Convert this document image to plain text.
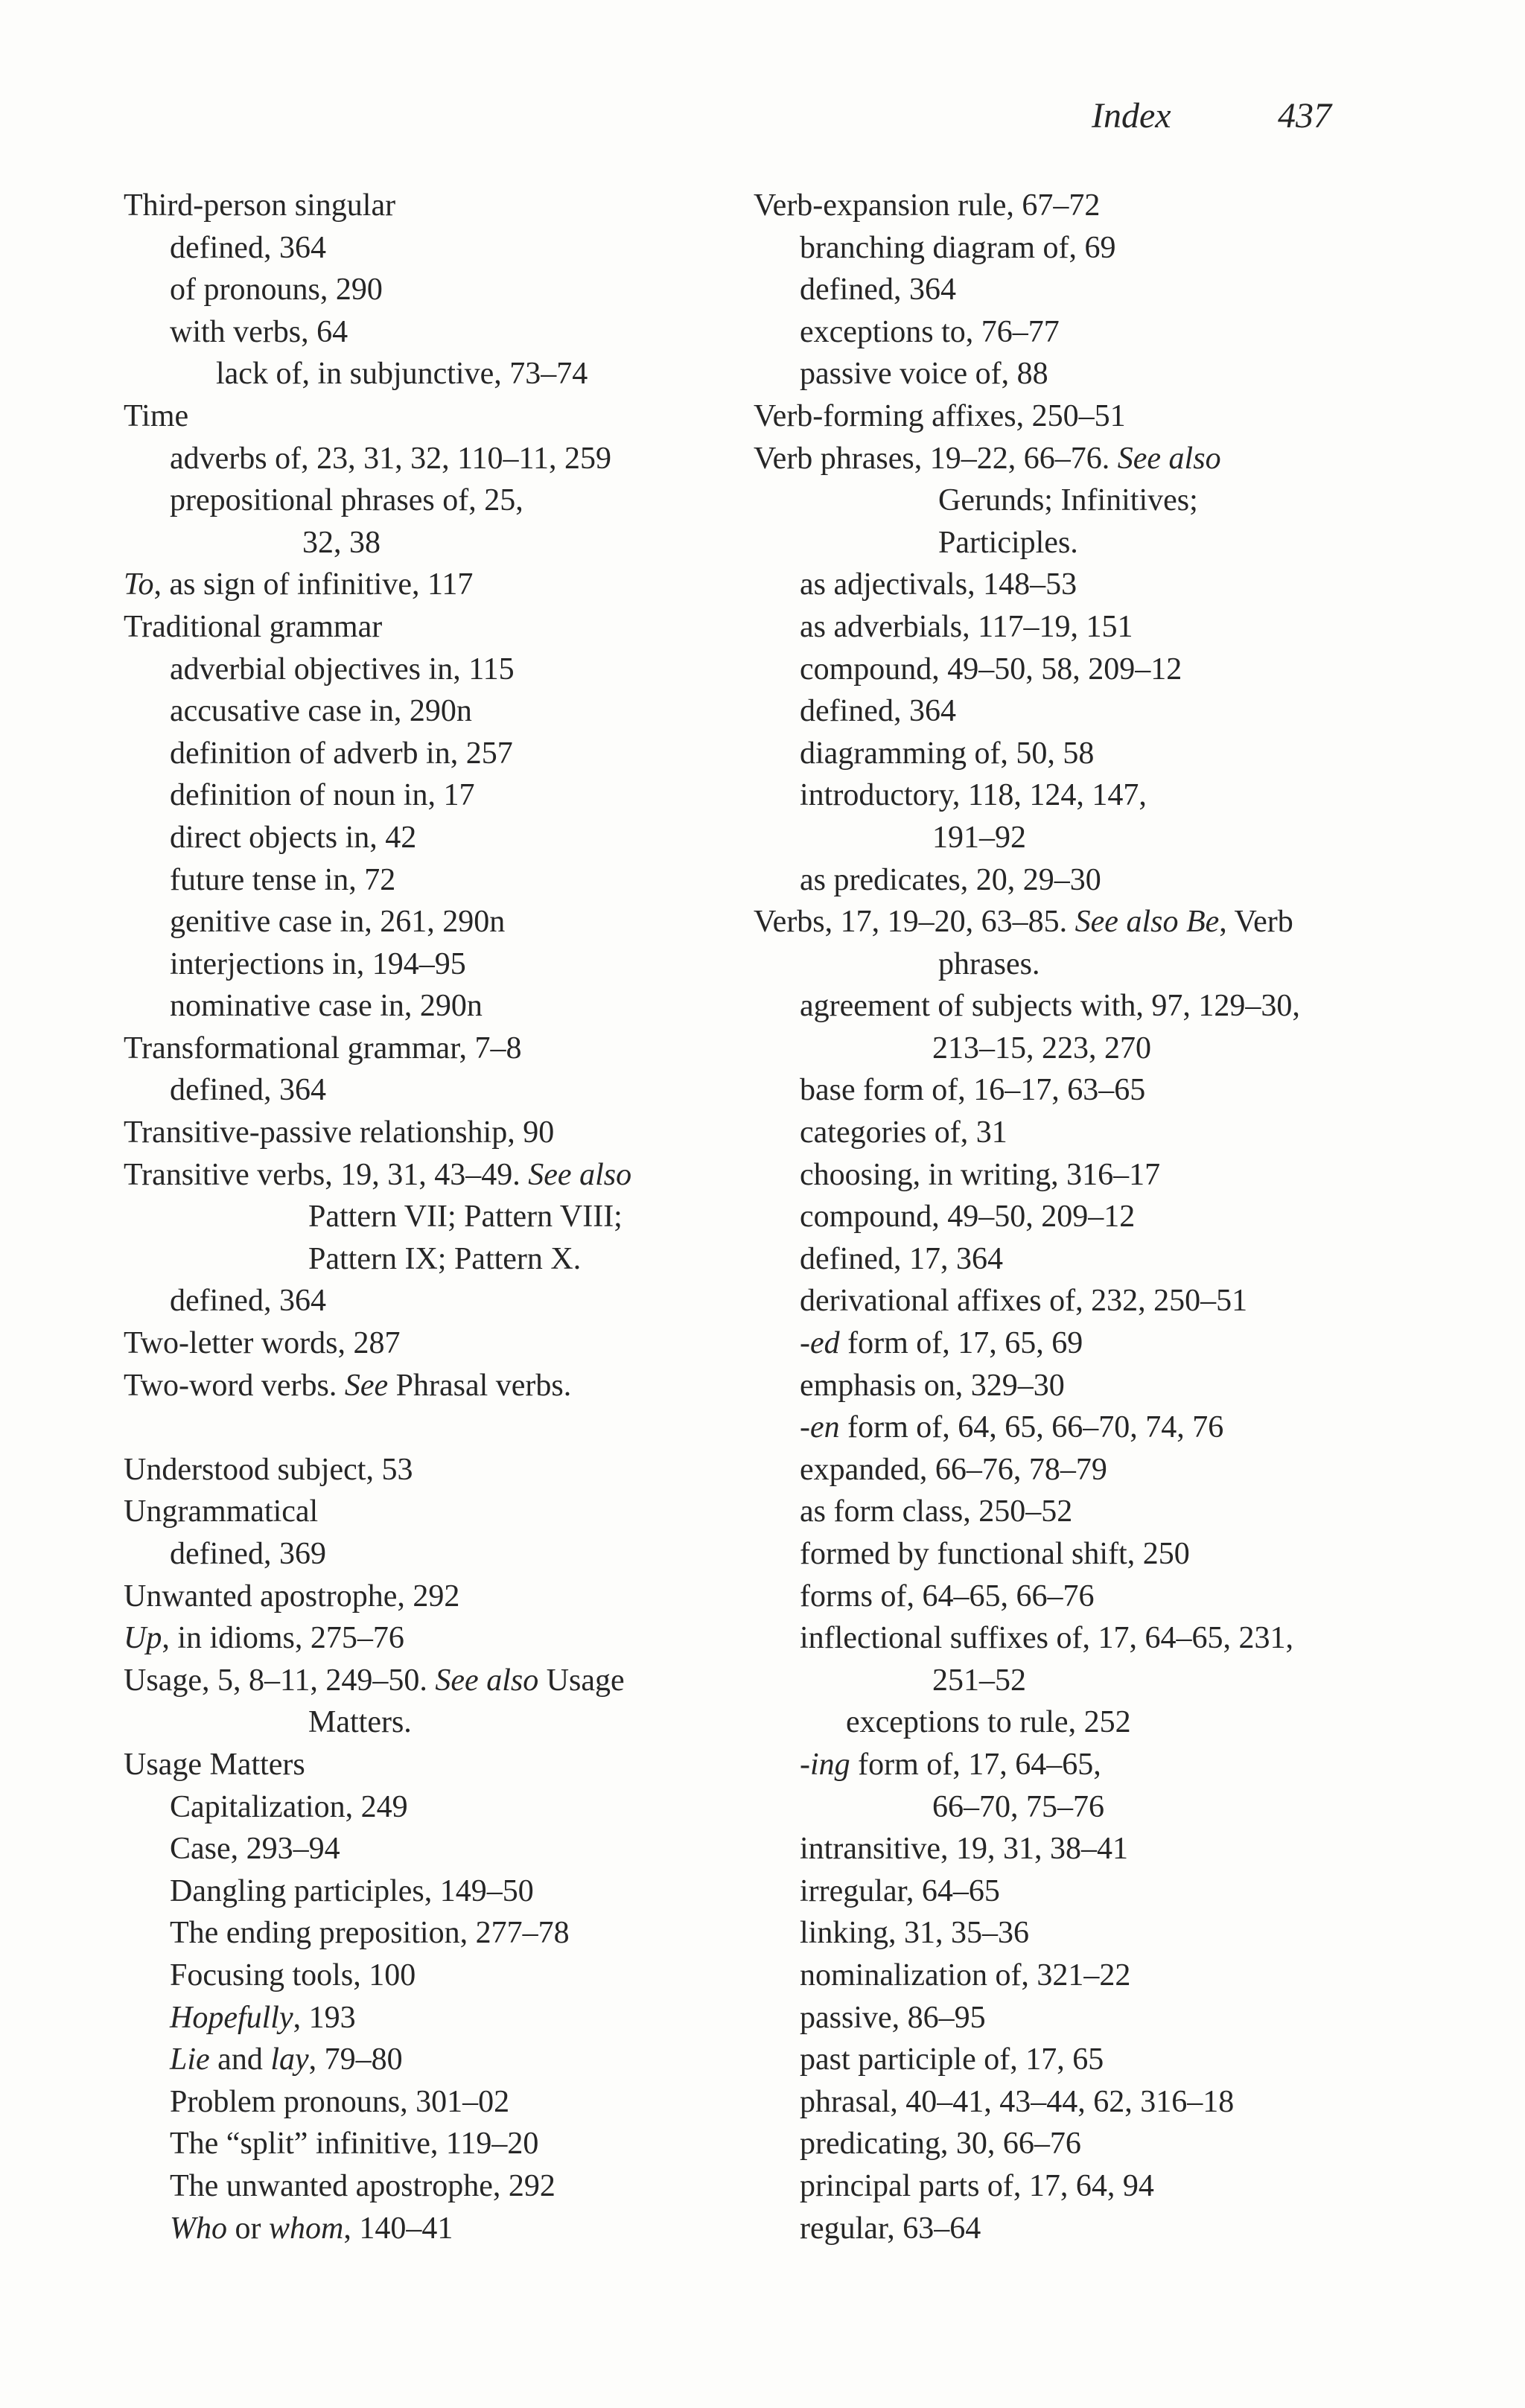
Index	437
Third-person singular
defined, 364
of pronouns, 290
with verbs, 64
lack of, in subjunctive, 73–74
Time
adverbs of, 23, 31, 32, 110–11, 259
prepositional phrases of, 25,
32, 38
To, as sign of infinitive, 117
Traditional grammar
adverbial objectives in, 115
accusative case in, 290n
definition of adverb in, 257
definition of noun in, 17
direct objects in, 42
future tense in, 72
genitive case in, 261, 290n
interjections in, 194–95
nominative case in, 290n
Transformational grammar, 7–8
defined, 364
Transitive-passive relationship, 90
Transitive verbs, 19, 31, 43–49. See also
Pattern VII; Pattern VIII;
Pattern IX; Pattern X.
defined, 364
Two-letter words, 287
Two-word verbs. See Phrasal verbs.
Understood subject, 53
Ungrammatical
defined, 369
Unwanted apostrophe, 292
Up, in idioms, 275–76
Usage, 5, 8–11, 249–50. See also Usage
Matters.
Usage Matters
Capitalization, 249
Case, 293–94
Dangling participles, 149–50
The ending preposition, 277–78
Focusing tools, 100
Hopefully, 193
Lie and lay, 79–80
Problem pronouns, 301–02
The “split” infinitive, 119–20
The unwanted apostrophe, 292
Who or whom, 140–41
Verb-expansion rule, 67–72
branching diagram of, 69
defined, 364
exceptions to, 76–77
passive voice of, 88
Verb-forming affixes, 250–51
Verb phrases, 19–22, 66–76. See also
Gerunds; Infinitives;
Participles.
as adjectivals, 148–53
as adverbials, 117–19, 151
compound, 49–50, 58, 209–12
defined, 364
diagramming of, 50, 58
introductory, 118, 124, 147,
191–92
as predicates, 20, 29–30
Verbs, 17, 19–20, 63–85. See also Be, Verb
phrases.
agreement of subjects with, 97, 129–30,
213–15, 223, 270
base form of, 16–17, 63–65
categories of, 31
choosing, in writing, 316–17
compound, 49–50, 209–12
defined, 17, 364
derivational affixes of, 232, 250–51
-ed form of, 17, 65, 69
emphasis on, 329–30
-en form of, 64, 65, 66–70, 74, 76
expanded, 66–76, 78–79
as form class, 250–52
formed by functional shift, 250
forms of, 64–65, 66–76
inflectional suffixes of, 17, 64–65, 231,
251–52
exceptions to rule, 252
-ing form of, 17, 64–65,
66–70, 75–76
intransitive, 19, 31, 38–41
irregular, 64–65
linking, 31, 35–36
nominalization of, 321–22
passive, 86–95
past participle of, 17, 65
phrasal, 40–41, 43–44, 62, 316–18
predicating, 30, 66–76
principal parts of, 17, 64, 94
regular, 63–64
